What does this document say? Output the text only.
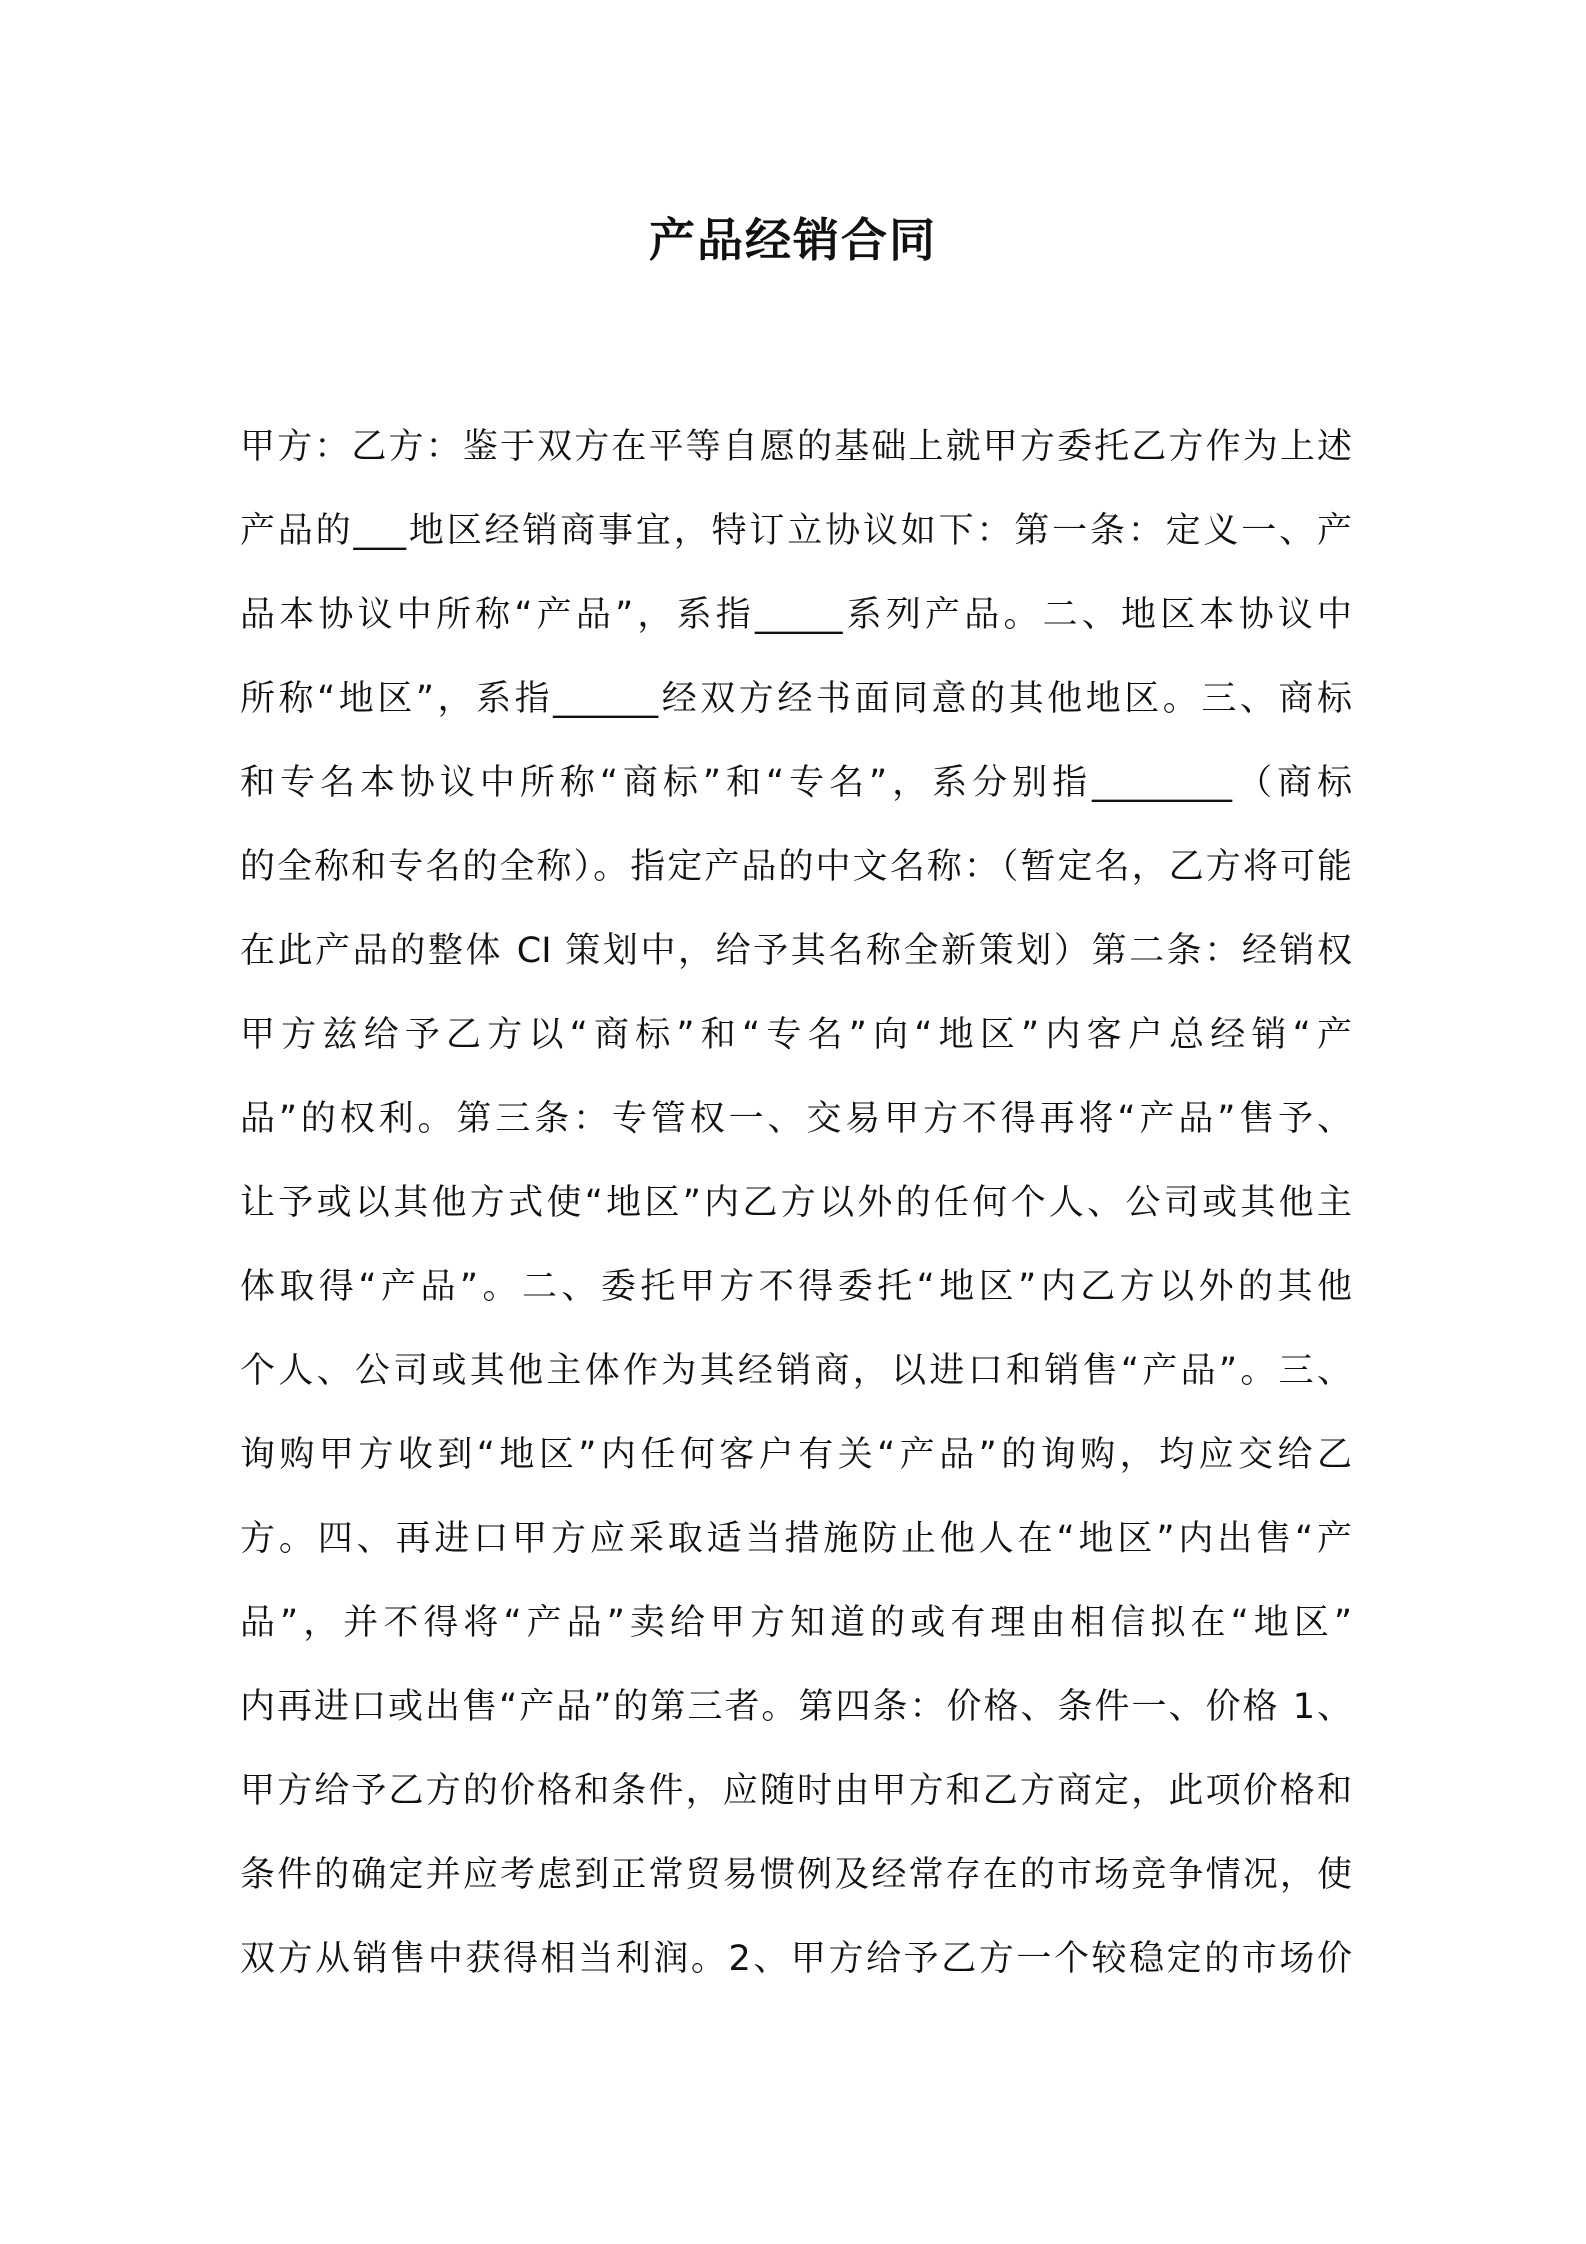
产品经销合同
甲方：乙方：鉴于双方在平等自愿的基础上就甲方委托乙方作为上述
产品的___地区经销商事宜，特订立协议如下：第一条：定义一、产
品本协议中所称“产品”，系指_____系列产品。二、地区本协议中
所称“地区”，系指______经双方经书面同意的其他地区。三、商标
和专名本协议中所称“商标”和“专名”，系分别指________（商标
的全称和专名的全称）。指定产品的中文名称：（暂定名，乙方将可能
在此产品的整体 CI 策划中，给予其名称全新策划）第二条：经销权
甲方兹给予乙方以“商标”和“专名”向“地区”内客户总经销“产
品”的权利。第三条：专管权一、交易甲方不得再将“产品”售予、
让予或以其他方式使“地区”内乙方以外的任何个人、公司或其他主
体取得“产品”。二、委托甲方不得委托“地区”内乙方以外的其他
个人、公司或其他主体作为其经销商，以进口和销售“产品”。三、
询购甲方收到“地区”内任何客户有关“产品”的询购，均应交给乙
方。四、再进口甲方应采取适当措施防止他人在“地区”内出售“产
品”，并不得将“产品”卖给甲方知道的或有理由相信拟在“地区”
内再进口或出售“产品”的第三者。第四条：价格、条件一、价格 1、
甲方给予乙方的价格和条件，应随时由甲方和乙方商定，此项价格和
条件的确定并应考虑到正常贸易惯例及经常存在的市场竞争情况，使
双方从销售中获得相当利润。2、甲方给予乙方一个较稳定的市场价
